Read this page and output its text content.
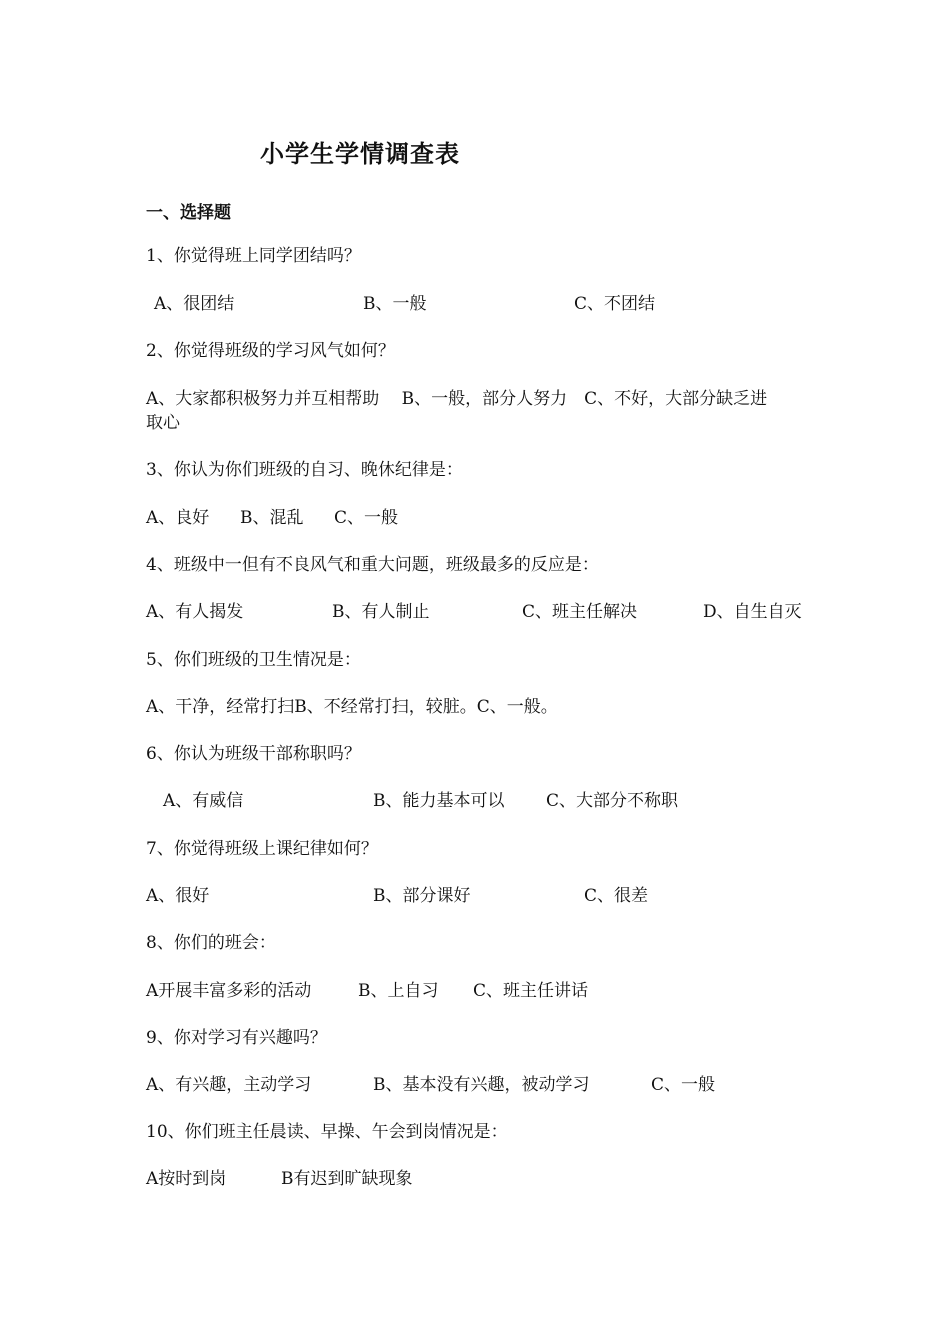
小学生学情调查表
一、选择题
1、你觉得班上同学团结吗？
A、很团结	B、一般	C、不团结
2、你觉得班级的学习风气如何？
A、大家都积极努力并互相帮助　 B、一般，部分人努力　C、不好，大部分缺乏进
取心
3、你认为你们班级的自习、晚休纪律是：
A、良好 B、混乱 C、一般
4、班级中一但有不良风气和重大问题，班级最多的反应是：
A、有人揭发	B、有人制止	C、班主任解决	D、自生自灭
5、你们班级的卫生情况是：
A、干净，经常打扫B、不经常打扫，较脏。C、一般。
6、你认为班级干部称职吗？
A、有威信	B、能力基本可以 C、大部分不称职
7、你觉得班级上课纪律如何？
A、很好	B、部分课好	C、很差
8、你们的班会：
A开展丰富多彩的活动	B、上自习 C、班主任讲话
9、你对学习有兴趣吗？
A、有兴趣，主动学习	B、基本没有兴趣，被动学习	C、一般
10、你们班主任晨读、早操、午会到岗情况是：
A按时到岗	B有迟到旷缺现象
